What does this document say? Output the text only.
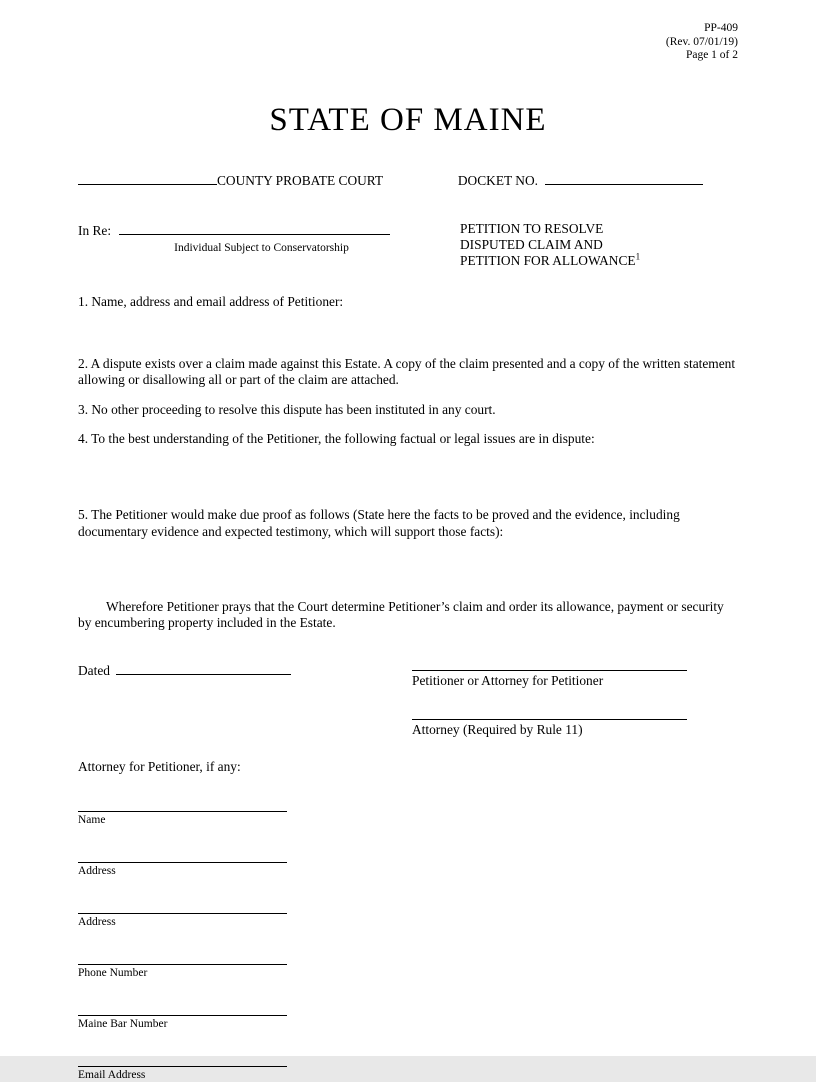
PP-409
(Rev. 07/01/19)
Page 1 of 2
STATE OF MAINE
COUNTY PROBATE COURT	DOCKET NO.
In Re:
Individual Subject to Conservatorship
PETITION TO RESOLVE
DISPUTED CLAIM AND
PETITION FOR ALLOWANCE$^1$

1. Name, address and email address of Petitioner:

2. A dispute exists over a claim made against this Estate. A copy of the claim presented and a copy of the written statement allowing or disallowing all or part of the claim are attached.

3. No other proceeding to resolve this dispute has been instituted in any court.

4. To the best understanding of the Petitioner, the following factual or legal issues are in dispute:

5. The Petitioner would make due proof as follows (State here the facts to be proved and the evidence, including documentary evidence and expected testimony, which will support those facts):

Wherefore Petitioner prays that the Court determine Petitioner’s claim and order its allowance, payment or security by encumbering property included in the Estate.

Dated
Petitioner or Attorney for Petitioner
Attorney (Required by Rule 11)

Attorney for Petitioner, if any:

Name
Address
Address
Phone Number
Maine Bar Number
Email Address
